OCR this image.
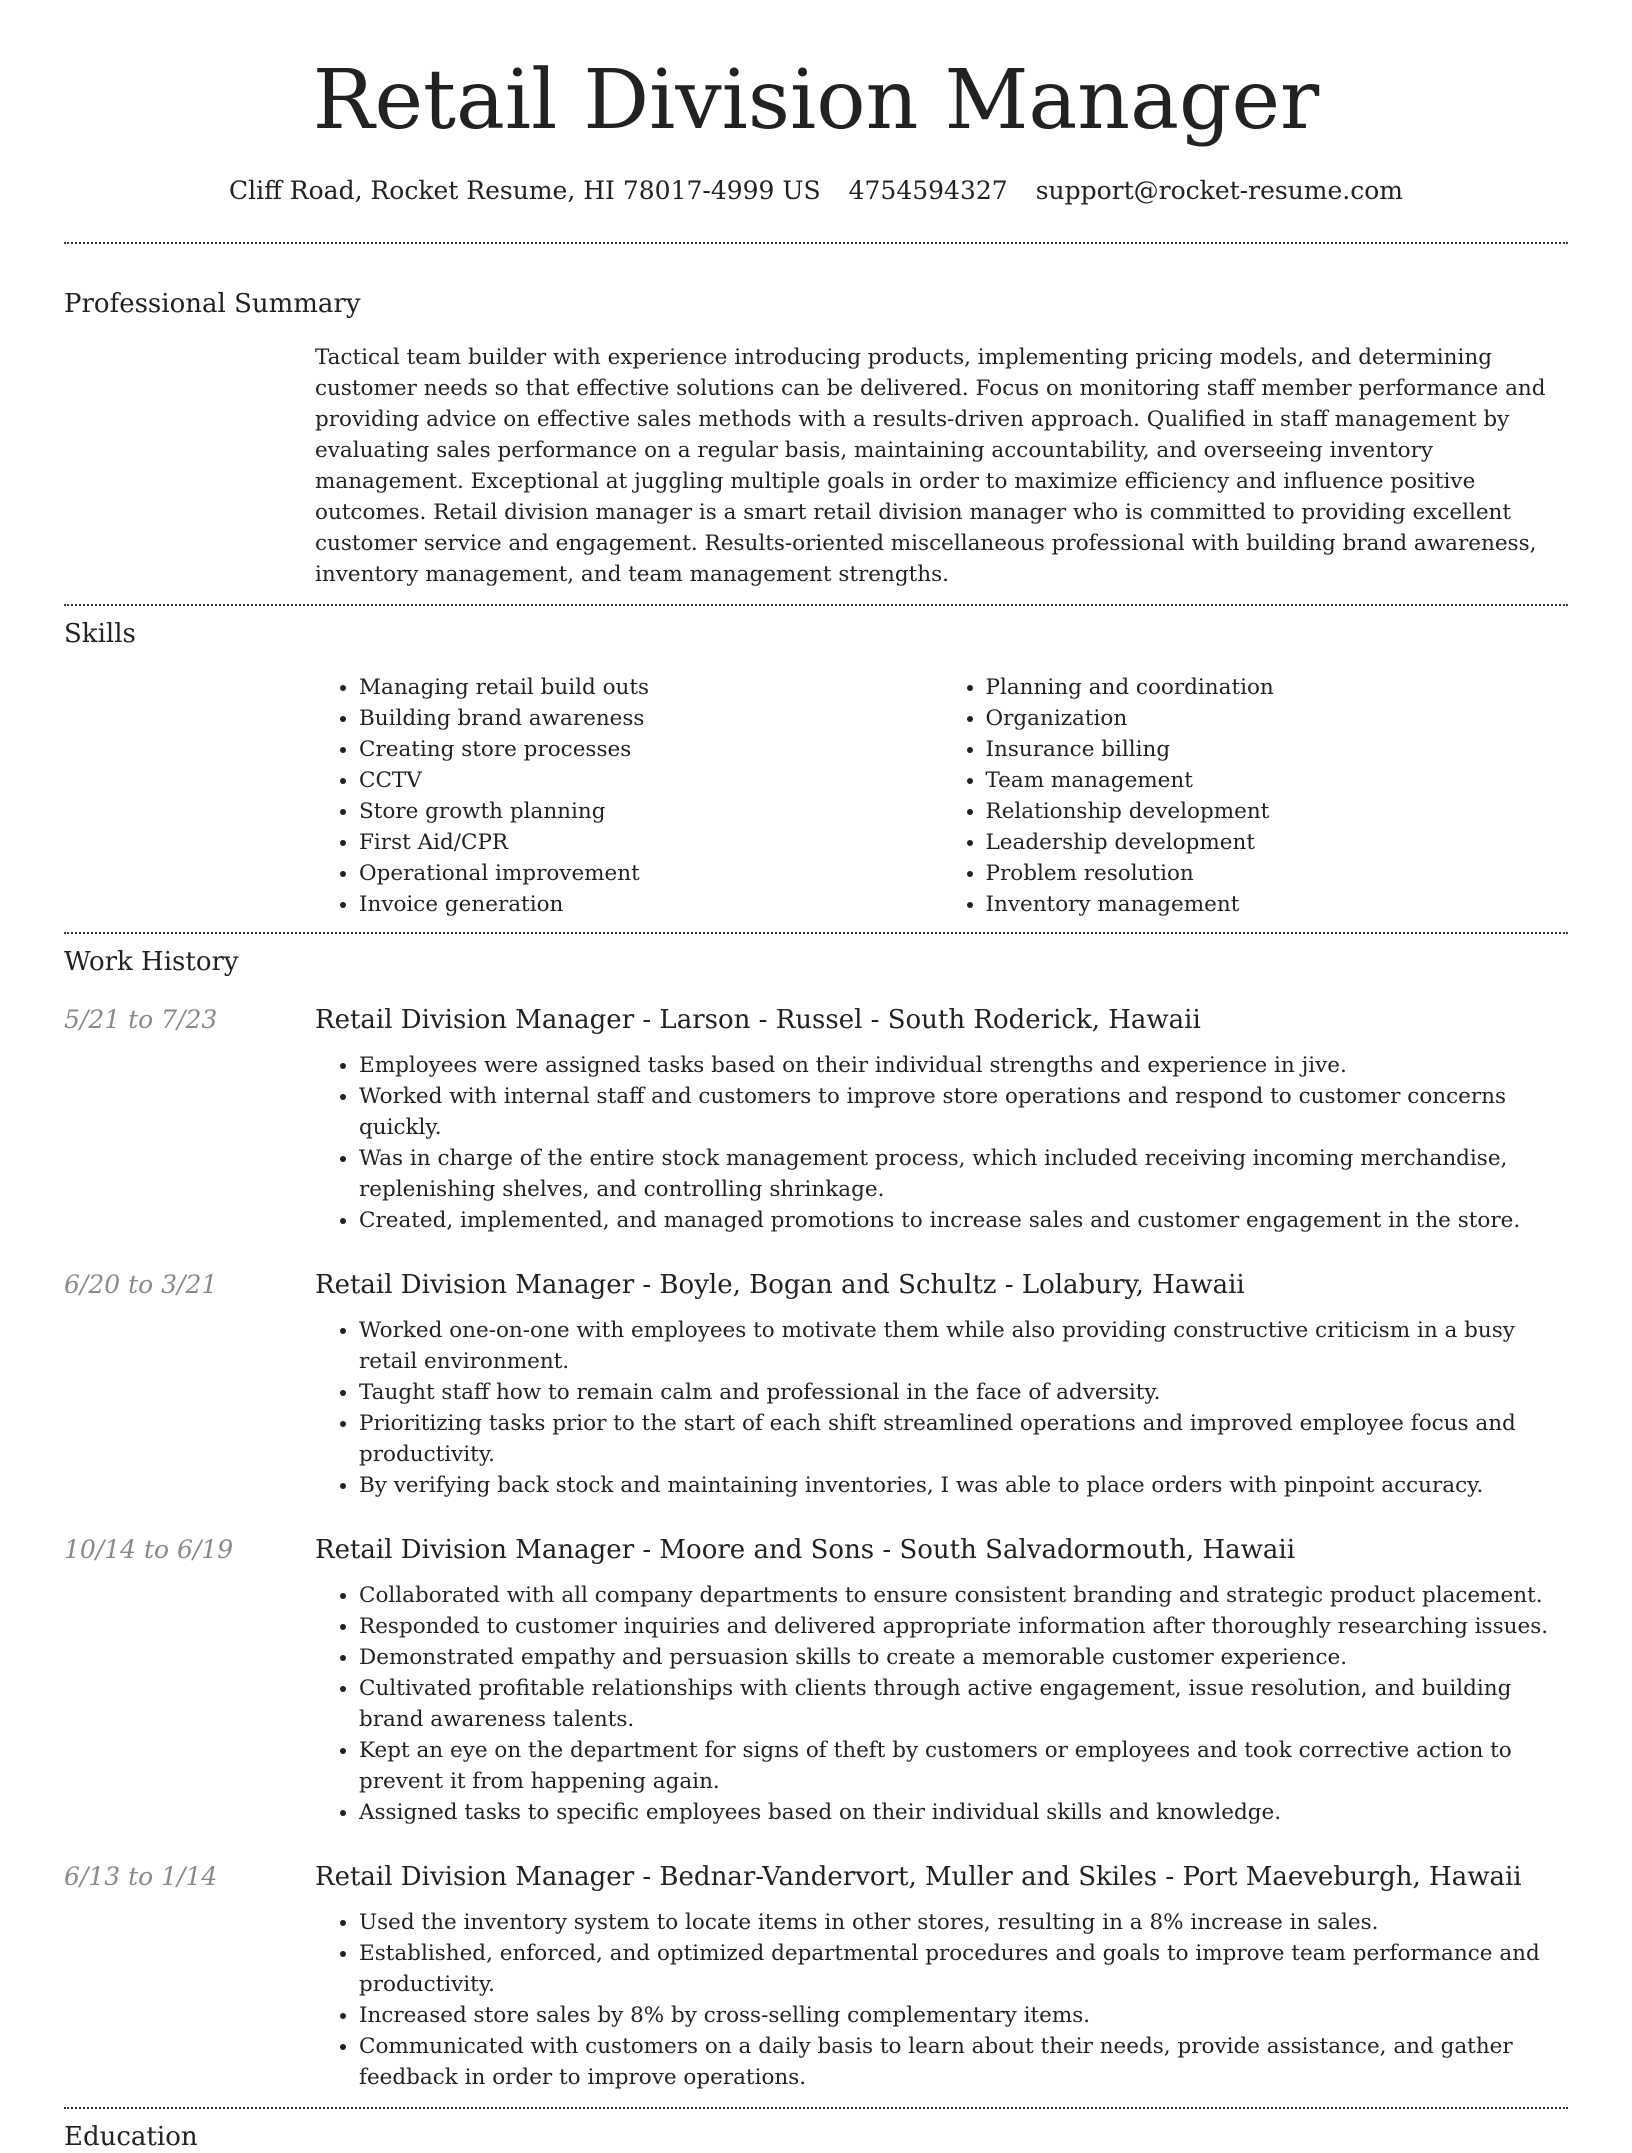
Retail Division Manager
Cliff Road, Rocket Resume, HI 78017-4999 US 4754594327 support@rocket-resume.com
Professional Summary

Tactical team builder with experience introducing products, implementing pricing models, and determining customer needs so that effective solutions can be delivered. Focus on monitoring staff member performance and providing advice on effective sales methods with a results-driven approach. Qualified in staff management by evaluating sales performance on a regular basis, maintaining accountability, and overseeing inventory management. Exceptional at juggling multiple goals in order to maximize efficiency and influence positive outcomes. Retail division manager is a smart retail division manager who is committed to providing excellent customer service and engagement. Results-oriented miscellaneous professional with building brand awareness, inventory management, and team management strengths.

Skills
• Managing retail build outs
• Building brand awareness
• Creating store processes
• CCTV
• Store growth planning
• First Aid/CPR
• Operational improvement
• Invoice generation
• Planning and coordination
• Organization
• Insurance billing
• Team management
• Relationship development
• Leadership development
• Problem resolution
• Inventory management
Work History
5/21 to 7/23	Retail Division Manager - Larson - Russel - South Roderick, Hawaii
• Employees were assigned tasks based on their individual strengths and experience in jive.
• Worked with internal staff and customers to improve store operations and respond to customer concerns quickly.
• Was in charge of the entire stock management process, which included receiving incoming merchandise, replenishing shelves, and controlling shrinkage.
• Created, implemented, and managed promotions to increase sales and customer engagement in the store.
6/20 to 3/21	Retail Division Manager - Boyle, Bogan and Schultz - Lolabury, Hawaii
• Worked one-on-one with employees to motivate them while also providing constructive criticism in a busy retail environment.
• Taught staff how to remain calm and professional in the face of adversity.
• Prioritizing tasks prior to the start of each shift streamlined operations and improved employee focus and productivity.
• By verifying back stock and maintaining inventories, I was able to place orders with pinpoint accuracy.
10/14 to 6/19	Retail Division Manager - Moore and Sons - South Salvadormouth, Hawaii
• Collaborated with all company departments to ensure consistent branding and strategic product placement.
• Responded to customer inquiries and delivered appropriate information after thoroughly researching issues.
• Demonstrated empathy and persuasion skills to create a memorable customer experience.
• Cultivated profitable relationships with clients through active engagement, issue resolution, and building brand awareness talents.
• Kept an eye on the department for signs of theft by customers or employees and took corrective action to prevent it from happening again.
• Assigned tasks to specific employees based on their individual skills and knowledge.
6/13 to 1/14	Retail Division Manager - Bednar-Vandervort, Muller and Skiles - Port Maeveburgh, Hawaii
• Used the inventory system to locate items in other stores, resulting in a 8% increase in sales.
• Established, enforced, and optimized departmental procedures and goals to improve team performance and productivity.
• Increased store sales by 8% by cross-selling complementary items.
• Communicated with customers on a daily basis to learn about their needs, provide assistance, and gather feedback in order to improve operations.
Education
